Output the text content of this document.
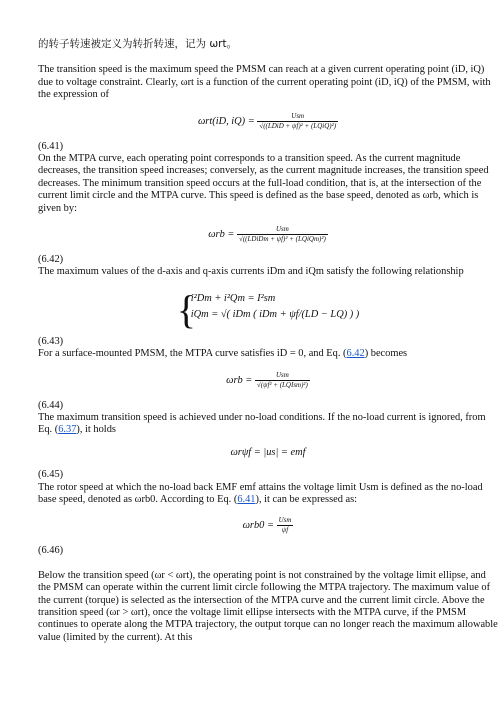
的转子转速被定义为转折转速，记为 ωrt。

The transition speed is the maximum speed the PMSM can reach at a given current operating point (iD, iQ) due to voltage constraint. Clearly, ωrt is a function of the current operating point (iD, iQ) of the PMSM, with the expression of

ωrt(iD, $iQ) = \frac{\text{Usm}}{\text{√((LDiD + ψf)² + (LQiQ)²)}}$
(6.41)

On the MTPA curve, each operating point corresponds to a transition speed. As the current magnitude decreases, the transition speed increases; conversely, as the current magnitude increases, the transition speed decreases. The minimum transition speed occurs at the full-load condition, that is, at the intersection of the current limit circle and the MTPA curve. This speed is defined as the base speed, denoted as ωrb, which is given by:

$\omega rb = \frac{\text{Usm}}{\text{√((LDiDm + ψf)² + (LQiQm)²)}}$
(6.42)

The maximum values of the d-axis and q-axis currents iDm and iQm satisfy the following relationship

{
i²Dm + i²Qm = I²sm
iQm = √( iDm ( iDm + ψf/(LD − LQ) ) )
(6.43)

For a surface-mounted PMSM, the MTPA curve satisfies iD = 0, and Eq. (6.42) becomes

$\omega rb = \frac{\text{Usm}}{\text{√(ψf² + (LQIsm)²)}}$
(6.44)

The maximum transition speed is achieved under no-load conditions. If the no-load current is ignored, from Eq. (6.37), it holds

ωrψf = |us| = emf
(6.45)

The rotor speed at which the no-load back EMF emf attains the voltage limit Usm is defined as the no-load base speed, denoted as ωrb0. According to Eq. (6.41), it can be expressed as:

$\omega rb0 = \frac{\text{Usm}}{\psi f}$
(6.46)

Below the transition speed (ωr < ωrt), the operating point is not constrained by the voltage limit ellipse, and the PMSM can operate within the current limit circle following the MTPA trajectory. The maximum value of the current (torque) is selected as the intersection of the MTPA curve and the current limit circle. Above the transition speed (ωr > ωrt), once the voltage limit ellipse intersects with the MTPA curve, if the PMSM continues to operate along the MTPA trajectory, the output torque can no longer reach the maximum allowable value (limited by the current). At this
